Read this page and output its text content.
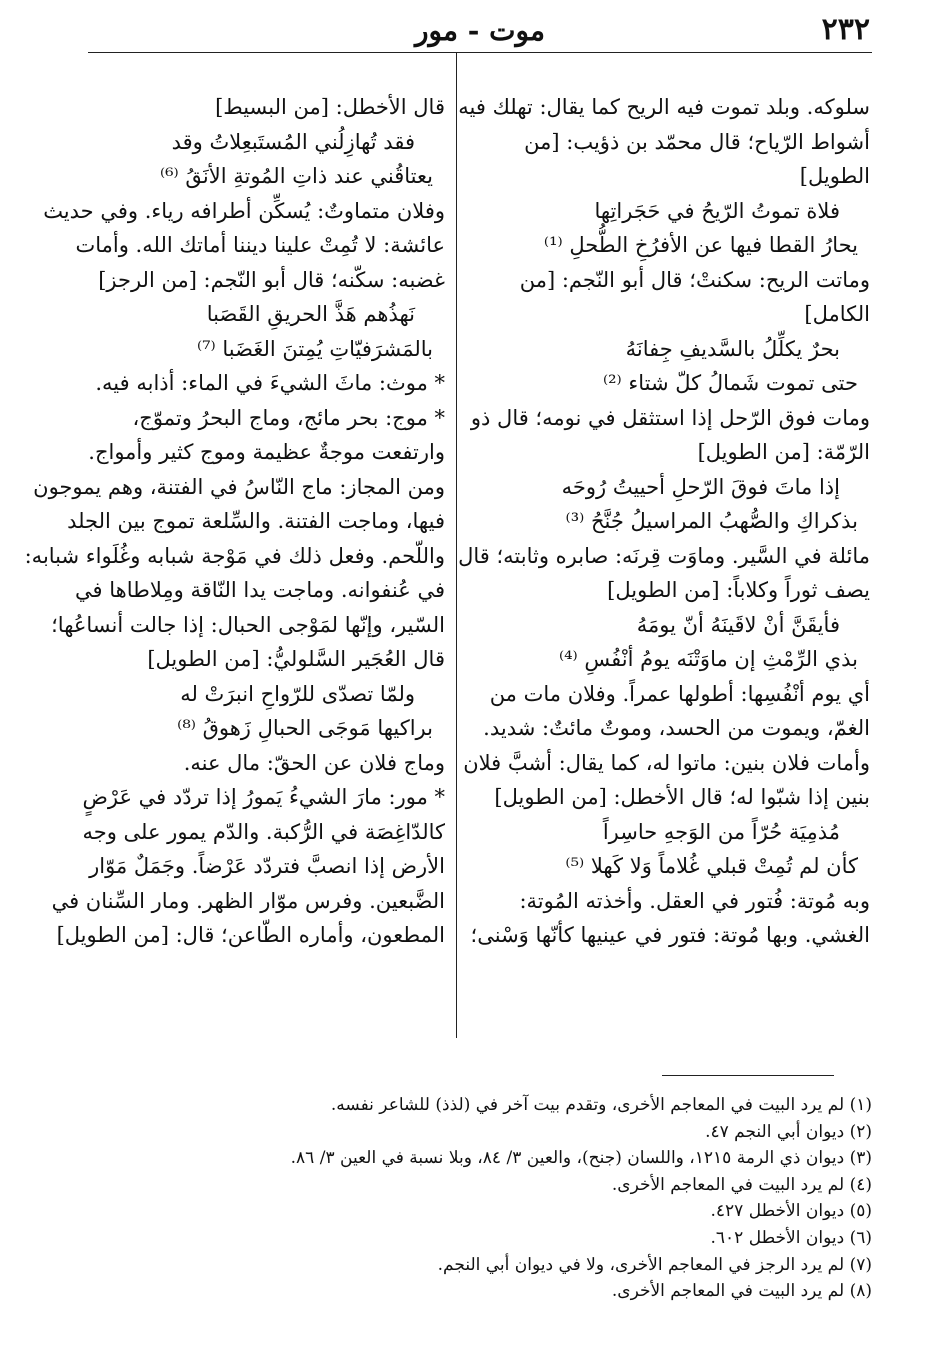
٢٣٢
موت - مور
سلوكه. وبلد تموت فيه الريح كما يقال: تهلك فيه
أشواط الرّياح؛ قال محمّد بن ذؤيب: [من
الطويل]
فلاة تموتُ الرّيحُ في حَجَراتِها
يحارُ القطا فيها عن الأفرُخِ الطُّحلِ ⁽¹⁾
وماتت الريح: سكنتْ؛ قال أبو النّجم: [من
الكامل]
بحرٌ يكلِّلُ بالسَّديفِ جِفانَهُ
حتى تموت شَمالُ كلّ شتاء ⁽²⁾
ومات فوق الرّحل إذا استثقل في نومه؛ قال ذو
الرّمّة: [من الطويل]
إذا ماتَ فوقَ الرّحلِ أحييتُ رُوحَه
بذكراكِ والصُّهبُ المراسيلُ جُنَّحُ ⁽³⁾
مائلة في السَّير. وماوَت قِرنَه: صابره وثابته؛ قال
يصف ثوراً وكلاباً: [من الطويل]
فأيقَنَّ أنْ لاقَينَهُ أنّ يومَهُ
بذي الرِّمْثِ إن ماوَتْنَه يومُ أنْفُسِ ⁽⁴⁾
أي يوم أنْفُسِها: أطولها عمراً. وفلان مات من
الغمّ، ويموت من الحسد، وموتٌ مائتٌ: شديد.
وأمات فلان بنين: ماتوا له، كما يقال: أشبَّ فلان
بنين إذا شبّوا له؛ قال الأخطل: [من الطويل]
مُذمِيَة حُرّاً من الوَجهِ حاسِراً
كأن لم تُمِتْ قبلي غُلاماً وَلا كَهلا ⁽⁵⁾
وبه مُوتة: فُتور في العقل. وأخذته المُوتة:
الغشي. وبها مُوتة: فتور في عينيها كأنّها وَسْنى؛
قال الأخطل: [من البسيط]
فقد تُهازِلُني المُستَبعِلاتُ وقد
يعتاقُني عند ذاتِ المُوتةِ الأنَقُ ⁽⁶⁾
وفلان متماوتٌ: يُسكِّن أطرافه رياء. وفي حديث
عائشة: لا تُمِتْ علينا ديننا أماتك الله. وأمات
غضبه: سكّنه؛ قال أبو النّجم: [من الرجز]
نَهذُهم هَذَّ الحريقِ القَصَبا
بالمَشرَفيّاتِ يُمِتنَ الغَضَبا ⁽⁷⁾
* موث: ماثَ الشيءَ في الماء: أذابه فيه.
* موج: بحر مائج، وماج البحرُ وتموّج،
وارتفعت موجةٌ عظيمة وموج كثير وأمواج.
ومن المجاز: ماج النّاسُ في الفتنة، وهم يموجون
فيها، وماجت الفتنة. والسِّلعة تموج بين الجلد
واللّحم. وفعل ذلك في مَوْجة شبابه وغُلَواء شبابه:
في عُنفوانه. وماجت يدا النّاقة ومِلاطاها في
السّير، وإنّها لمَوْجى الحبال: إذا جالت أنساعُها؛
قال العُجَير السَّلوليُّ: [من الطويل]
ولمّا تصدّى للرّواحِ انبرَتْ له
براكيها مَوجَى الحبالِ زَهوقُ ⁽⁸⁾
وماج فلان عن الحقّ: مال عنه.
* مور: مارَ الشيءُ يَمورُ إذا تردّد في عَرْضٍ
كالدّاغِصَة في الرُّكبة. والدّم يمور على وجه
الأرض إذا انصبَّ فتردّد عَرْضاً. وجَمَلٌ مَوّار
الضَّبعين. وفرس موّار الظهر. ومار السِّنان في
المطعون، وأماره الطّاعن؛ قال: [من الطويل]
(١) لم يرد البيت في المعاجم الأخرى، وتقدم بيت آخر في (لذذ) للشاعر نفسه.
(٢) ديوان أبي النجم ٤٧.
(٣) ديوان ذي الرمة ١٢١٥، واللسان (جنح)، والعين ٣/ ٨٤، وبلا نسبة في العين ٣/ ٨٦.
(٤) لم يرد البيت في المعاجم الأخرى.
(٥) ديوان الأخطل ٤٢٧.
(٦) ديوان الأخطل ٦٠٢.
(٧) لم يرد الرجز في المعاجم الأخرى، ولا في ديوان أبي النجم.
(٨) لم يرد البيت في المعاجم الأخرى.
